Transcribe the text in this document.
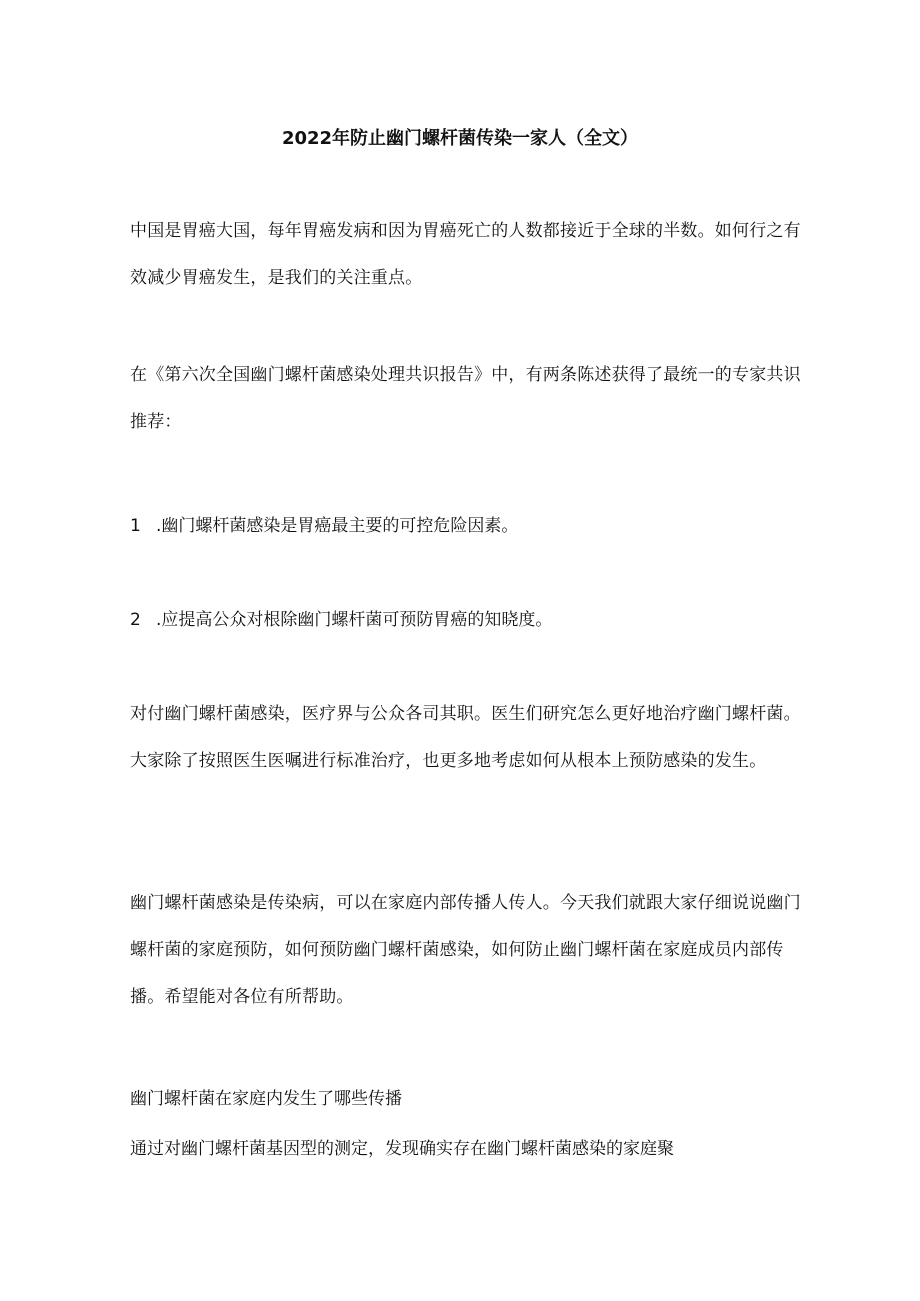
2022年防止幽门螺杆菌传染一家人（全文）

中国是胃癌大国，每年胃癌发病和因为胃癌死亡的人数都接近于全球的半数。如何行之有效减少胃癌发生，是我们的关注重点。

在《第六次全国幽门螺杆菌感染处理共识报告》中，有两条陈述获得了最统一的专家共识推荐：

1 .幽门螺杆菌感染是胃癌最主要的可控危险因素。
2 .应提高公众对根除幽门螺杆菌可预防胃癌的知晓度。

对付幽门螺杆菌感染，医疗界与公众各司其职。医生们研究怎么更好地治疗幽门螺杆菌。大家除了按照医生医嘱进行标准治疗，也更多地考虑如何从根本上预防感染的发生。

幽门螺杆菌感染是传染病，可以在家庭内部传播人传人。今天我们就跟大家仔细说说幽门螺杆菌的家庭预防，如何预防幽门螺杆菌感染，如何防止幽门螺杆菌在家庭成员内部传播。希望能对各位有所帮助。

幽门螺杆菌在家庭内发生了哪些传播
通过对幽门螺杆菌基因型的测定，发现确实存在幽门螺杆菌感染的家庭聚
